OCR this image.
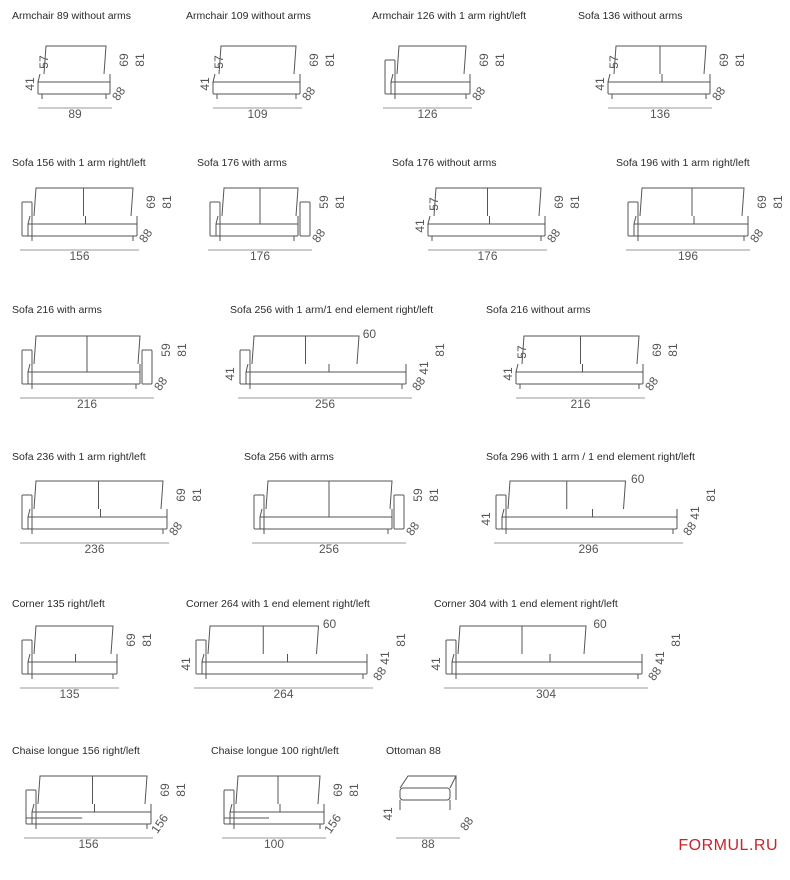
Armchair 89 without arms
89
88
41
57	69 81
Armchair 109 without arms
109
88
41
57	69 81
Armchair 126 with 1 arm right/left
126
88
69 81
Sofa 136 without arms
136
88
41
57	69 81
Sofa 156 with 1 arm right/left
156
88
69 81
Sofa 176 with arms
176
88
59 81
Sofa 176 without arms
176
88
41
57	69 81
Sofa 196 with 1 arm right/left
196
88
69 81
Sofa 216 with arms
216
88
59 81
Sofa 256 with 1 arm/1 end element right/left
256
88
41
81
60
41
Sofa 216 without arms
216
88
41
57	69 81
Sofa 236 with 1 arm right/left
236
88
69 81
Sofa 256 with arms
256
88
59 81
Sofa 296 with 1 arm / 1 end element right/left
296
88
41
81
60
41
Corner 135 right/left
135
69 81
Corner 264 with 1 end element right/left
264
88
41
81
60
41
Corner 304 with 1 end element right/left
304
88
41
81
60
41
Chaise longue 156 right/left
156
156
69 81
Chaise longue 100 right/left
100
156
69 81
Ottoman 88
88
88
41
FORMUL.RU
